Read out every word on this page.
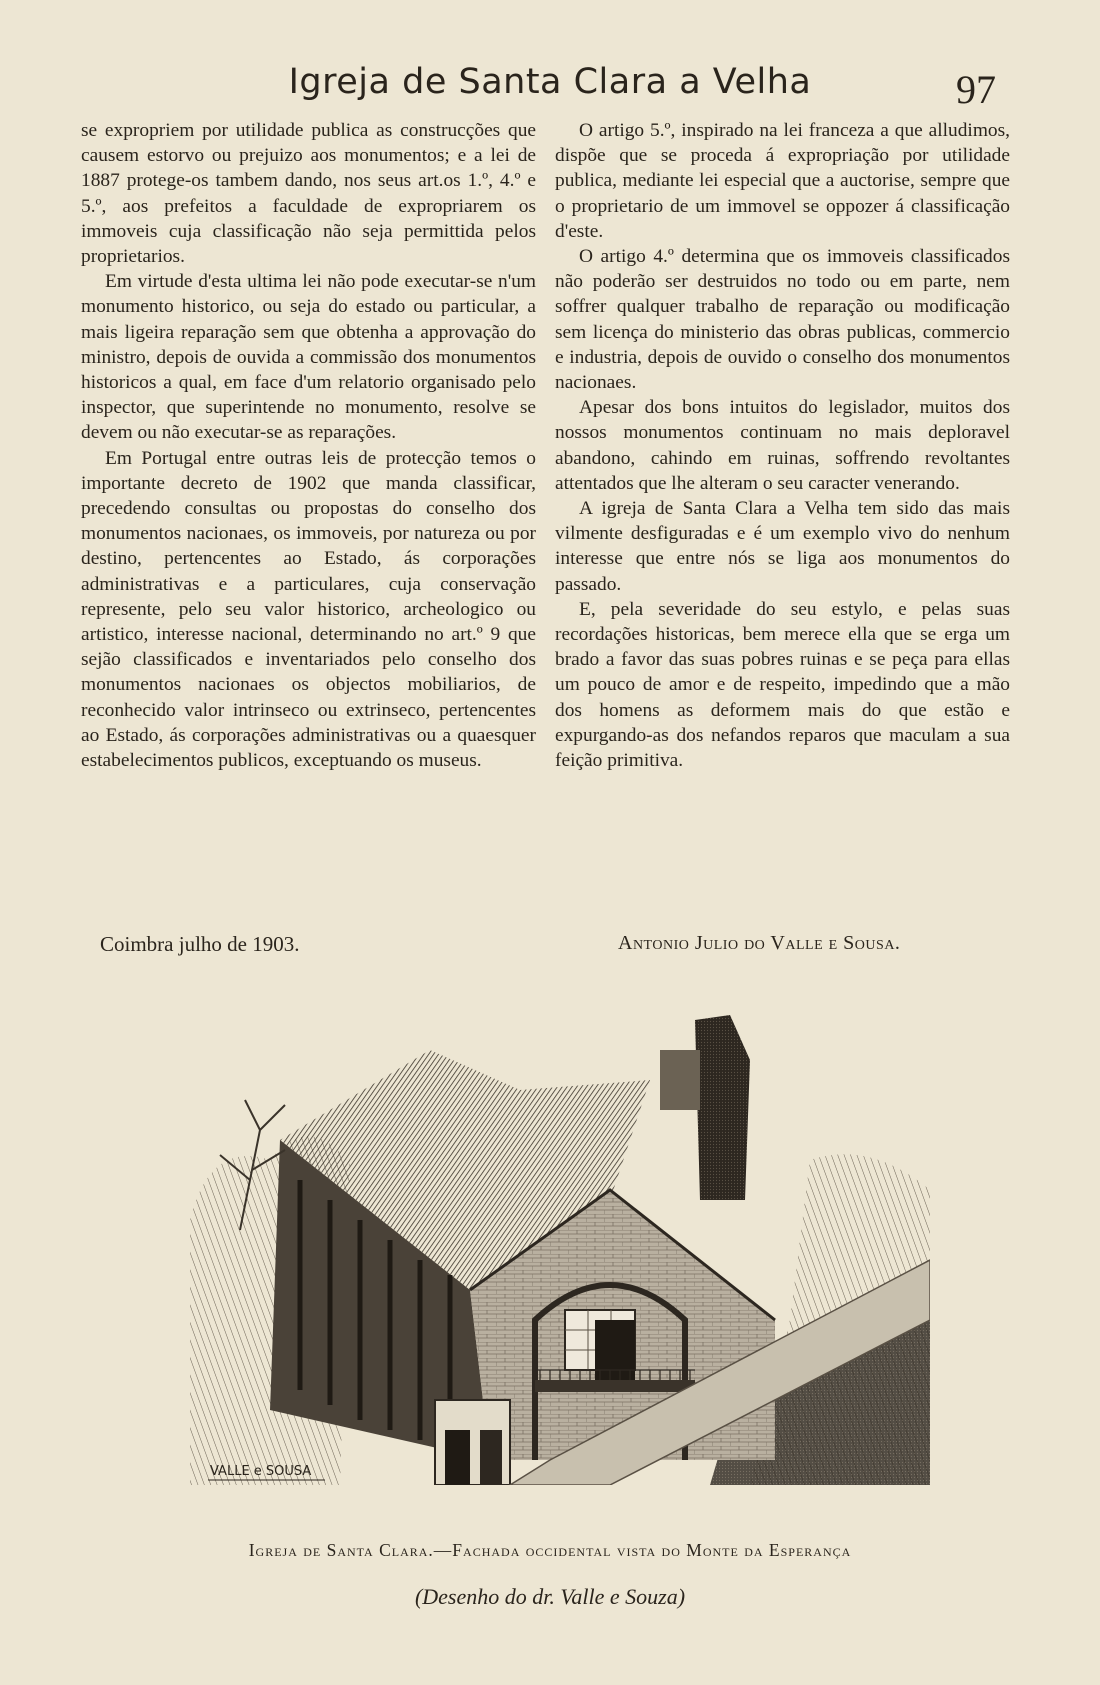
Igreja de Santa Clara a Velha	97

se expropriem por utilidade publica as construcções que causem estorvo ou prejuizo aos monumentos; e a lei de 1887 protege-os tambem dando, nos seus art.os 1.º, 4.º e 5.º, aos prefeitos a faculdade de expropriarem os immoveis cuja classificação não seja permittida pelos proprietarios.

Em virtude d'esta ultima lei não pode executar-se n'um monumento historico, ou seja do estado ou particular, a mais ligeira reparação sem que obtenha a approvação do ministro, depois de ouvida a commissão dos monumentos historicos a qual, em face d'um relatorio organisado pelo inspector, que superintende no monumento, resolve se devem ou não executar-se as reparações.

Em Portugal entre outras leis de protecção temos o importante decreto de 1902 que manda classificar, precedendo consultas ou propostas do conselho dos monumentos nacionaes, os immoveis, por natureza ou por destino, pertencentes ao Estado, ás corporações administrativas e a particulares, cuja conservação represente, pelo seu valor historico, archeologico ou artistico, interesse nacional, determinando no art.º 9 que sejão classificados e inventariados pelo conselho dos monumentos nacionaes os objectos mobiliarios, de reconhecido valor intrinseco ou extrinseco, pertencentes ao Estado, ás corporações administrativas ou a quaesquer estabelecimentos publicos, exceptuando os museus.

O artigo 5.º, inspirado na lei franceza a que alludimos, dispõe que se proceda á expropriação por utilidade publica, mediante lei especial que a auctorise, sempre que o proprietario de um immovel se oppozer á classificação d'este.

O artigo 4.º determina que os immoveis classificados não poderão ser destruidos no todo ou em parte, nem soffrer qualquer trabalho de reparação ou modificação sem licença do ministerio das obras publicas, commercio e industria, depois de ouvido o conselho dos monumentos nacionaes.

Apesar dos bons intuitos do legislador, muitos dos nossos monumentos continuam no mais deploravel abandono, cahindo em ruinas, soffrendo revoltantes attentados que lhe alteram o seu caracter venerando.

A igreja de Santa Clara a Velha tem sido das mais vilmente desfiguradas e é um exemplo vivo do nenhum interesse que entre nós se liga aos monumentos do passado.

E, pela severidade do seu estylo, e pelas suas recordações historicas, bem merece ella que se erga um brado a favor das suas pobres ruinas e se peça para ellas um pouco de amor e de respeito, impedindo que a mão dos homens as deformem mais do que estão e expurgando-as dos nefandos reparos que maculam a sua feição primitiva.

Coimbra julho de 1903.	Antonio Julio do Valle e Sousa.
VALLE e SOUSA
Igreja de Santa Clara.—Fachada occidental vista do Monte da Esperança
(Desenho do dr. Valle e Souza)
